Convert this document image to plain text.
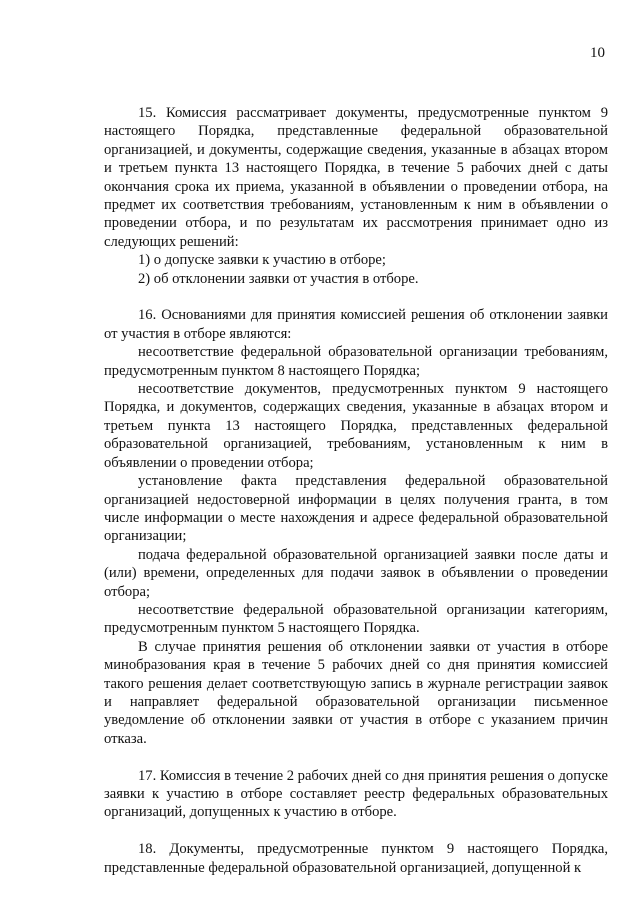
10

15. Комиссия рассматривает документы, предусмотренные пунктом 9 настоящего Порядка, представленные федеральной образовательной организацией, и документы, содержащие сведения, указанные в абзацах втором и третьем пункта 13 настоящего Порядка, в течение 5 рабочих дней с даты окончания срока их приема, указанной в объявлении о проведении отбора, на предмет их соответствия требованиям, установленным к ним в объявлении о проведении отбора, и по результатам их рассмотрения принимает одно из следующих решений:

1) о допуске заявки к участию в отборе;

2) об отклонении заявки от участия в отборе.

16. Основаниями для принятия комиссией решения об отклонении заявки от участия в отборе являются:

несоответствие федеральной образовательной организации требованиям, предусмотренным пунктом 8 настоящего Порядка;

несоответствие документов, предусмотренных пунктом 9 настоящего Порядка, и документов, содержащих сведения, указанные в абзацах втором и третьем пункта 13 настоящего Порядка, представленных федеральной образовательной организацией, требованиям, установленным к ним в объявлении о проведении отбора;

установление факта представления федеральной образовательной организацией недостоверной информации в целях получения гранта, в том числе информации о месте нахождения и адресе федеральной образовательной организации;

подача федеральной образовательной организацией заявки после даты и (или) времени, определенных для подачи заявок в объявлении о проведении отбора;

несоответствие федеральной образовательной организации категориям, предусмотренным пунктом 5 настоящего Порядка.

В случае принятия решения об отклонении заявки от участия в отборе минобразования края в течение 5 рабочих дней со дня принятия комиссией такого решения делает соответствующую запись в журнале регистрации заявок и направляет федеральной образовательной организации письменное уведомление об отклонении заявки от участия в отборе с указанием причин отказа.

17. Комиссия в течение 2 рабочих дней со дня принятия решения о допуске заявки к участию в отборе составляет реестр федеральных образовательных организаций, допущенных к участию в отборе.

18. Документы, предусмотренные пунктом 9 настоящего Порядка, представленные федеральной образовательной организацией, допущенной к
